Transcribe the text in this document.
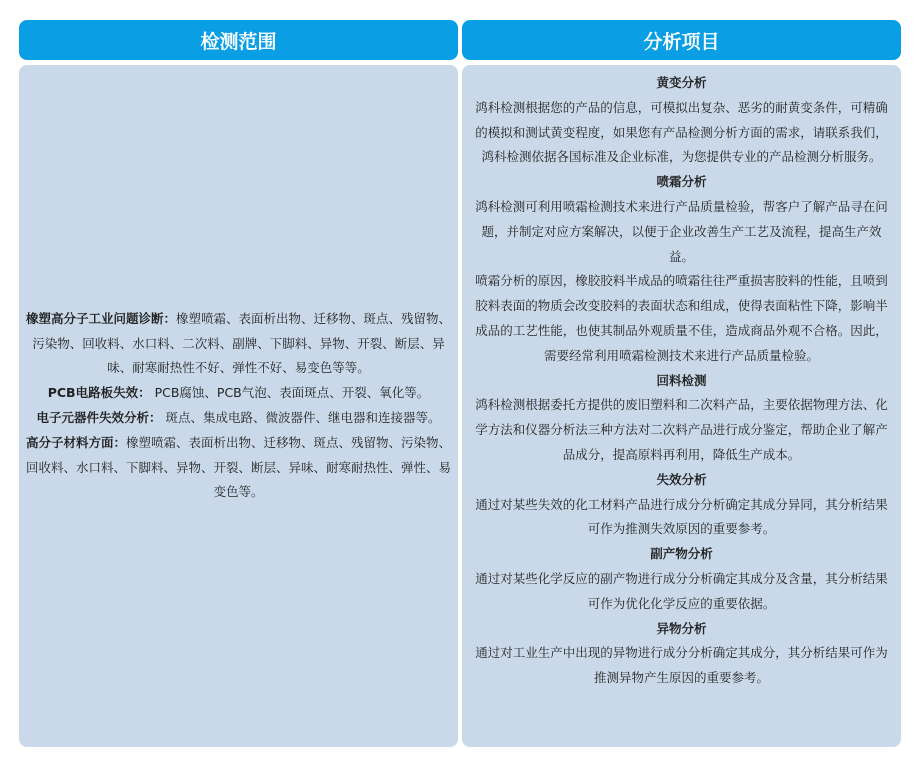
检测范围	分析项目
橡塑高分子工业问题诊断：橡塑喷霜、表面析出物、迁移物、斑点、残留物、污染物、回收料、水口料、二次料、副牌、下脚料、异物、开裂、断层、异味、耐寒耐热性不好、弹性不好、易变色等等。
PCB电路板失效： PCB腐蚀、PCB气泡、表面斑点、开裂、氧化等。
电子元器件失效分析： 斑点、集成电路、微波器件、继电器和连接器等。
高分子材料方面：橡塑喷霜、表面析出物、迁移物、斑点、残留物、污染物、回收料、水口料、下脚料、异物、开裂、断层、异味、耐寒耐热性、弹性、易变色等。
黄变分析
鸿科检测根据您的产品的信息，可模拟出复杂、恶劣的耐黄变条件，可精确的模拟和测试黄变程度，如果您有产品检测分析方面的需求，请联系我们，鸿科检测依据各国标准及企业标准，为您提供专业的产品检测分析服务。
喷霜分析
鸿科检测可利用喷霜检测技术来进行产品质量检验，帮客户了解产品寻在问题，并制定对应方案解决，以便于企业改善生产工艺及流程，提高生产效益。
喷霜分析的原因，橡胶胶料半成品的喷霜往往严重损害胶料的性能，且喷到胶料表面的物质会改变胶料的表面状态和组成，使得表面粘性下降，影响半成品的工艺性能，也使其制品外观质量不佳，造成商品外观不合格。因此，需要经常利用喷霜检测技术来进行产品质量检验。
回料检测
鸿科检测根据委托方提供的废旧塑料和二次料产品，主要依据物理方法、化学方法和仪器分析法三种方法对二次料产品进行成分鉴定，帮助企业了解产品成分，提高原料再利用，降低生产成本。
失效分析
通过对某些失效的化工材料产品进行成分分析确定其成分异同，其分析结果可作为推测失效原因的重要参考。
副产物分析
通过对某些化学反应的副产物进行成分分析确定其成分及含量，其分析结果可作为优化化学反应的重要依据。
异物分析
通过对工业生产中出现的异物进行成分分析确定其成分，其分析结果可作为推测异物产生原因的重要参考。
